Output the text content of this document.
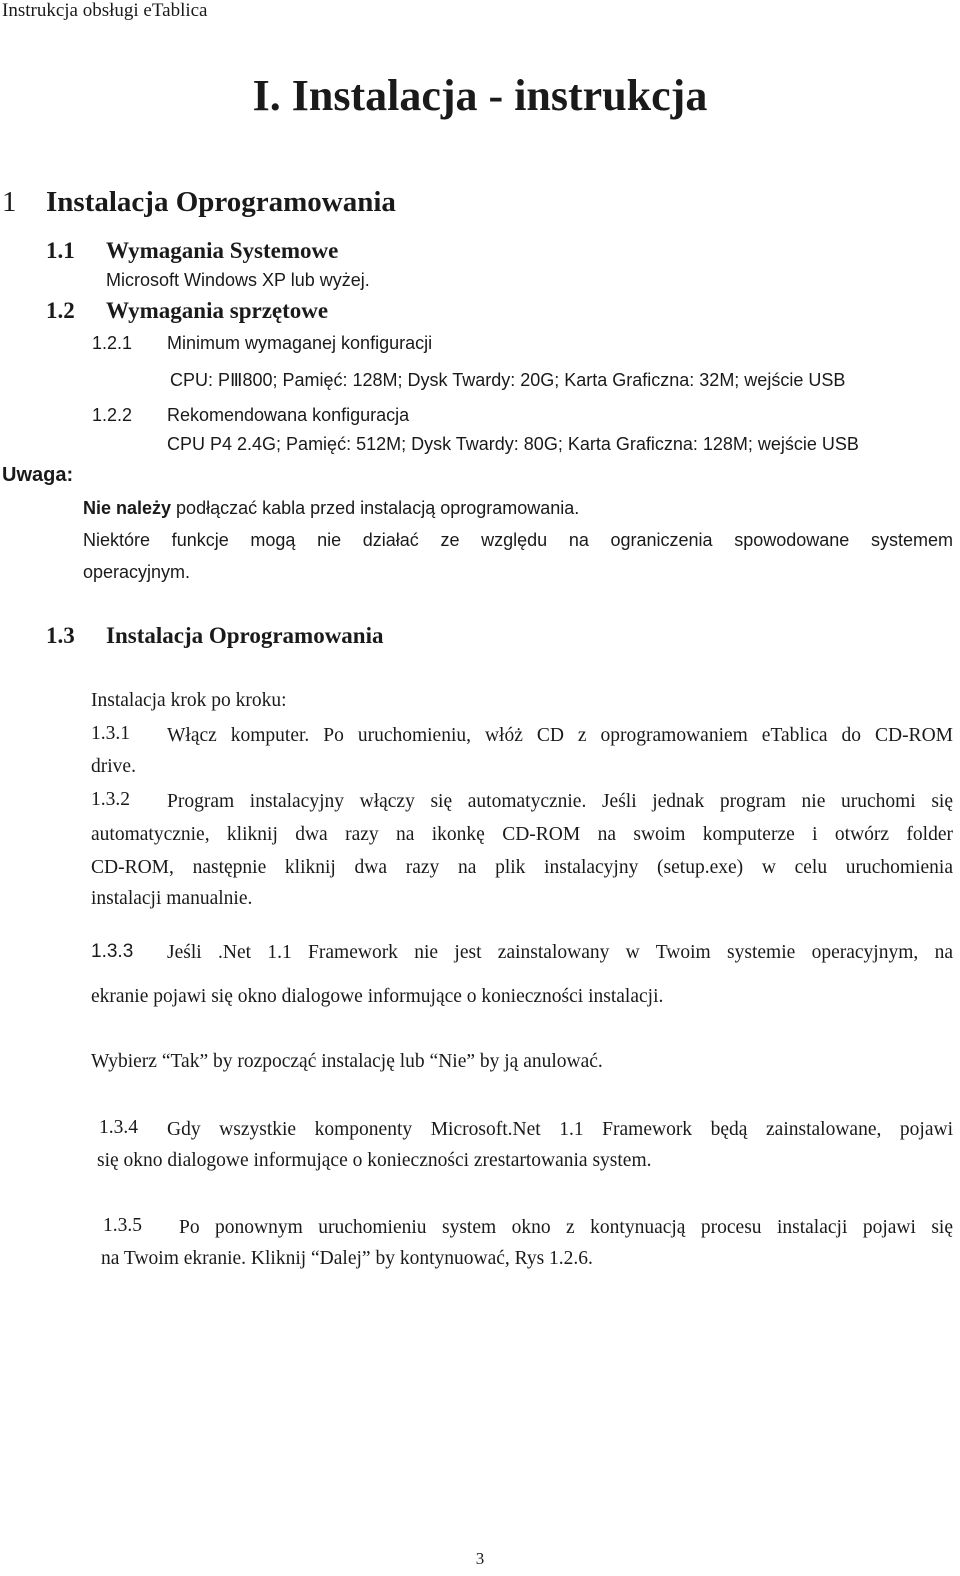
Instrukcja obsługi eTablica
I. Instalacja - instrukcja
1 Instalacja Oprogramowania
1.1 Wymagania Systemowe
Microsoft Windows XP lub wyżej.
1.2 Wymagania sprzętowe
1.2.1 Minimum wymaganej konfiguracji
CPU: PⅢ800; Pamięć: 128M; Dysk Twardy: 20G; Karta Graficzna: 32M; wejście USB
1.2.2 Rekomendowana konfiguracja
CPU P4 2.4G; Pamięć: 512M; Dysk Twardy: 80G; Karta Graficzna: 128M; wejście USB
Uwaga:
Nie należy podłączać kabla przed instalacją oprogramowania.
Niektóre funkcje mogą nie działać ze względu na ograniczenia spowodowane systemem
operacyjnym.
1.3 Instalacja Oprogramowania
Instalacja krok po kroku:
1.3.1 Włącz komputer. Po uruchomieniu, włóż CD z oprogramowaniem eTablica do CD-ROM
drive.
1.3.2 Program instalacyjny włączy się automatycznie. Jeśli jednak program nie uruchomi się
automatycznie, kliknij dwa razy na ikonkę CD-ROM na swoim komputerze i otwórz folder
CD-ROM, następnie kliknij dwa razy na plik instalacyjny (setup.exe) w celu uruchomienia
instalacji manualnie.
1.3.3 Jeśli .Net 1.1 Framework nie jest zainstalowany w Twoim systemie operacyjnym, na
ekranie pojawi się okno dialogowe informujące o konieczności instalacji.
Wybierz “Tak” by rozpocząć instalację lub “Nie” by ją anulować.
1.3.4 Gdy wszystkie komponenty Microsoft.Net 1.1 Framework będą zainstalowane, pojawi
się okno dialogowe informujące o konieczności zrestartowania system.
1.3.5 Po ponownym uruchomieniu system okno z kontynuacją procesu instalacji pojawi się
na Twoim ekranie. Kliknij “Dalej” by kontynuować, Rys 1.2.6.
3
